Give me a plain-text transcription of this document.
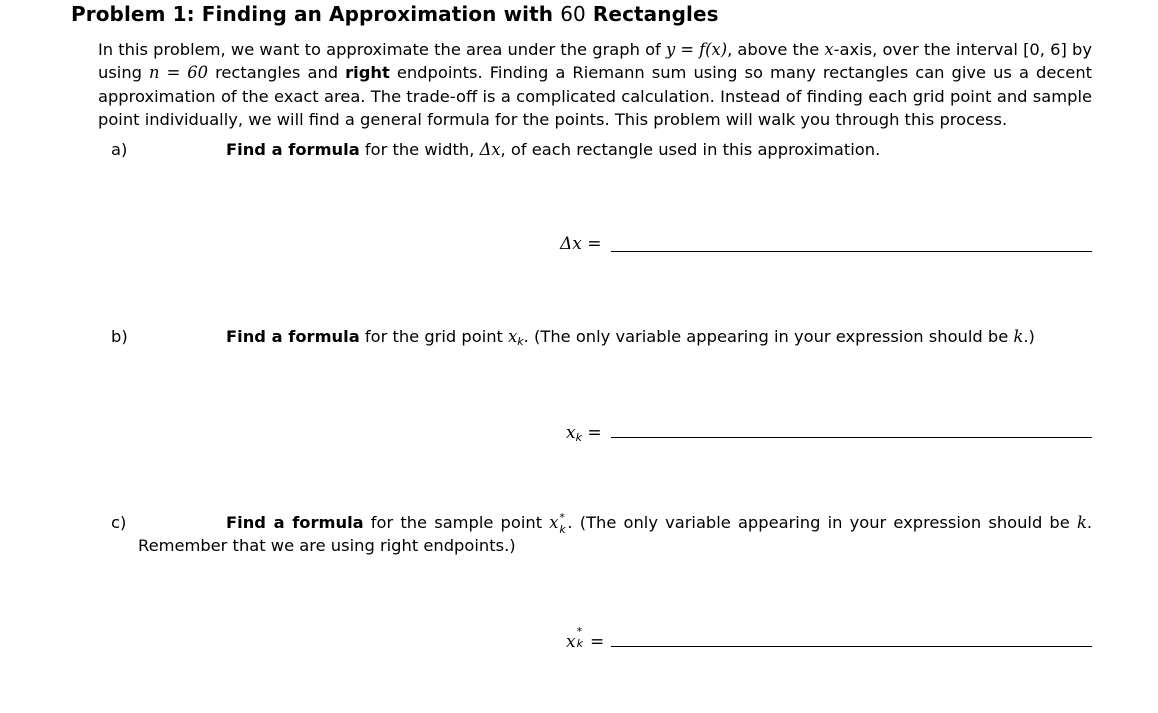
Problem 1: Finding an Approximation with 60 Rectangles

In this problem, we want to approximate the area under the graph of y = f(x), above the x-axis, over the interval [0, 6] by using n = 60 rectangles and right endpoints. Finding a Riemann sum using so many rectangles can give us a decent approximation of the exact area. The trade-off is a complicated calculation. Instead of finding each grid point and sample point individually, we will find a general formula for the points. This problem will walk you through this process.

a)	Find a formula for the width, Δx, of each rectangle used in this approximation.
Δx =
b)	Find a formula for the grid point $x_k$. (The only variable appearing in your expression should be k.)
$x_k$ =

c)	Find a formula for the sample point x *
k . (The only variable appearing in your expression should be k. Remember that we are using right endpoints.)

x
*
k =
